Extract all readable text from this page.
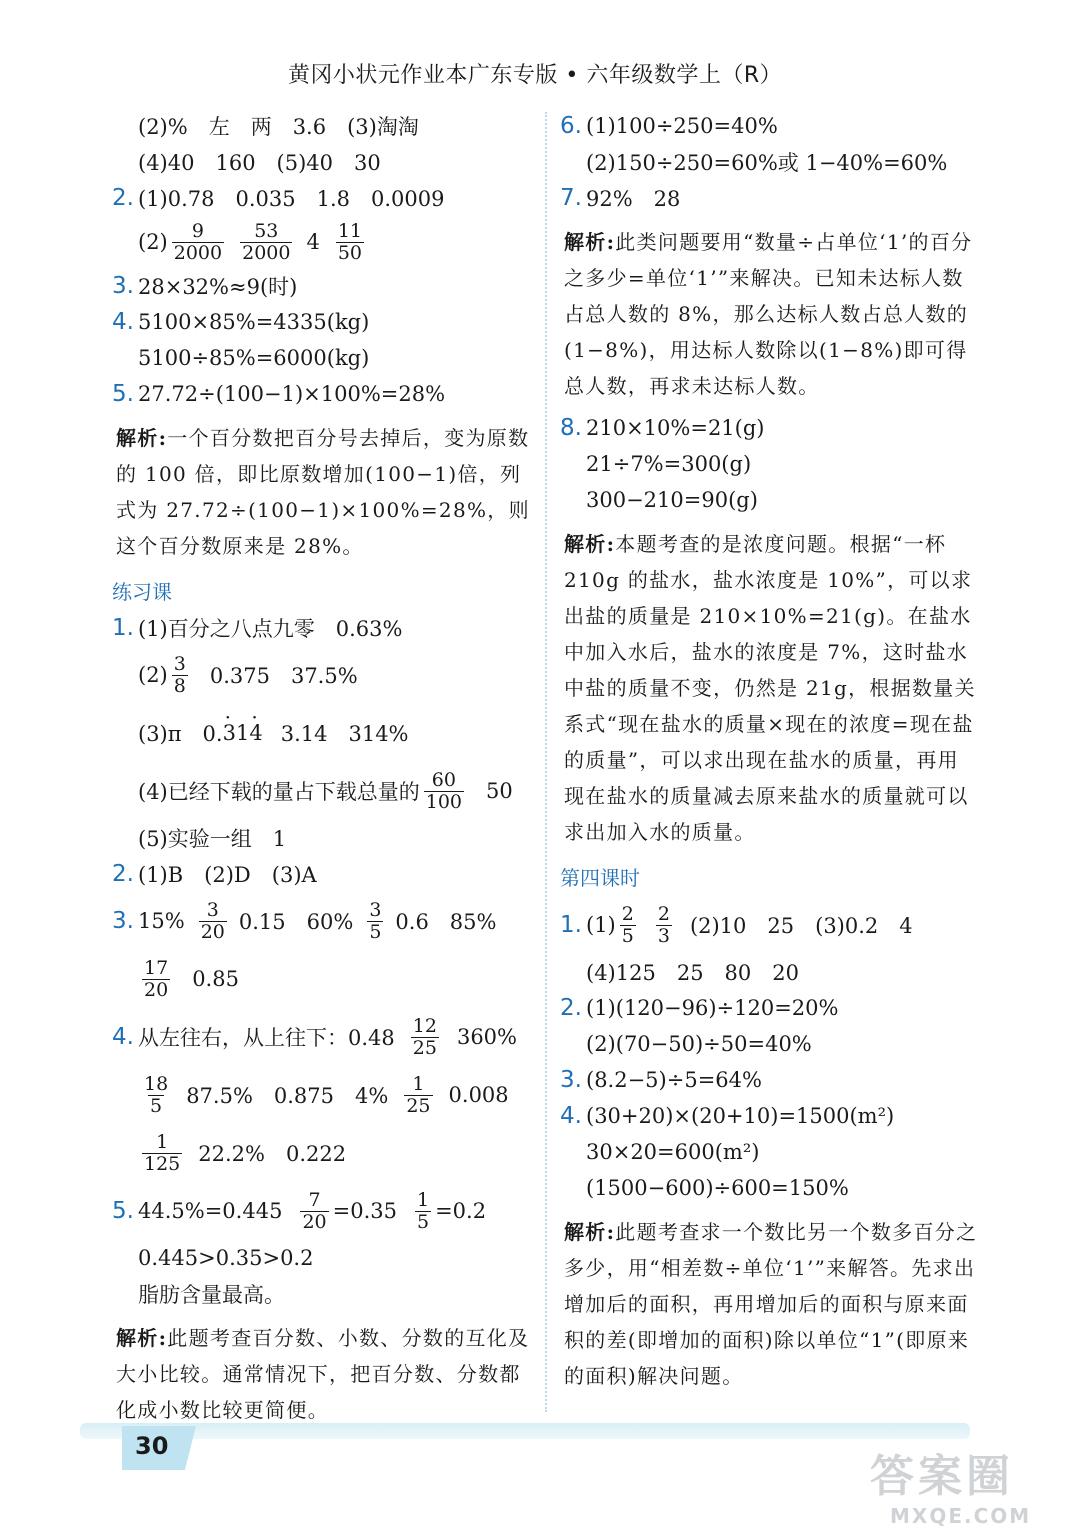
黄冈小状元作业本广东专版 • 六年级数学上（R）
(2)%　左　两　3.6　(3)淘淘
(4)40　160　(5)40　30
2. (1)0.78　0.035　1.8　0.0009
$(2) \frac{9}{2000} \frac{53}{2000} 4 \frac{11}{50}$
3. 28×32%≈9(时)
4. 5100×85%=4335(kg)
5100÷85%=6000(kg)
5. 27.72÷(100−1)×100%=28%
解析:一个百分数把百分号去掉后，变为原数的 100 倍，即比原数增加(100−1)倍，列式为 27.72÷(100−1)×100%=28%，则这个百分数原来是 28%。
练习课
1. (1)百分之八点九零　0.63%
$(2) \frac{3}{8} 0.375$　37.5%
(3)π　0. · 3 1 · 4 3.14　314%
(4)已经下载的量占下载总量的 $\frac{60}{100} 50$
(5)实验一组　1
2. (1)B　(2)D　(3)A
3. $15\% \frac{3}{20} 0.15$　$60\% \frac{3}{5} 0.6$　85%
$\frac{17}{20} 0.85$
4. 从左往右，从上往下：$0.48 \frac{12}{25} 360\%$
$\frac{18}{5} 87.5\%$　0.875　$4\% \frac{1}{25} 0.008$
$\frac{1}{125} 22.2\%$　0.222
5. $44.5\%=0.445 \frac{7}{20} =0.35 \frac{1}{5} =0.2$
0.445>0.35>0.2
脂肪含量最高。
解析:此题考查百分数、小数、分数的互化及大小比较。通常情况下，把百分数、分数都化成小数比较更简便。
6. (1)100÷250=40%
(2)150÷250=60%或 1−40%=60%
7. 92%　28
解析:此类问题要用“数量÷占单位‘1’的百分之多少=单位‘1’”来解决。已知未达标人数占总人数的 8%，那么达标人数占总人数的(1−8%)，用达标人数除以(1−8%)即可得总人数，再求未达标人数。
8. 210×10%=21(g)
21÷7%=300(g)
300−210=90(g)
解析:本题考查的是浓度问题。根据“一杯 210g 的盐水，盐水浓度是 10%”，可以求出盐的质量是 210×10%=21(g)。在盐水中加入水后，盐水的浓度是 7%，这时盐水中盐的质量不变，仍然是 21g，根据数量关系式“现在盐水的质量×现在的浓度=现在盐的质量”，可以求出现在盐水的质量，再用现在盐水的质量减去原来盐水的质量就可以求出加入水的质量。
第四课时
1. $(1) \frac{2}{5} \frac{2}{3} (2)10$　25　(3)0.2　4
(4)125　25　80　20
2. (1)(120−96)÷120=20%
(2)(70−50)÷50=40%
3. (8.2−5)÷5=64%
4. (30+20)×(20+10)=1500(m²)
30×20=600(m²)
(1500−600)÷600=150%
解析:此题考查求一个数比另一个数多百分之多少，用“相差数÷单位‘1’”来解答。先求出增加后的面积，再用增加后的面积与原来面积的差(即增加的面积)除以单位“1”(即原来的面积)解决问题。
30
答案圈
MXQE.COM
